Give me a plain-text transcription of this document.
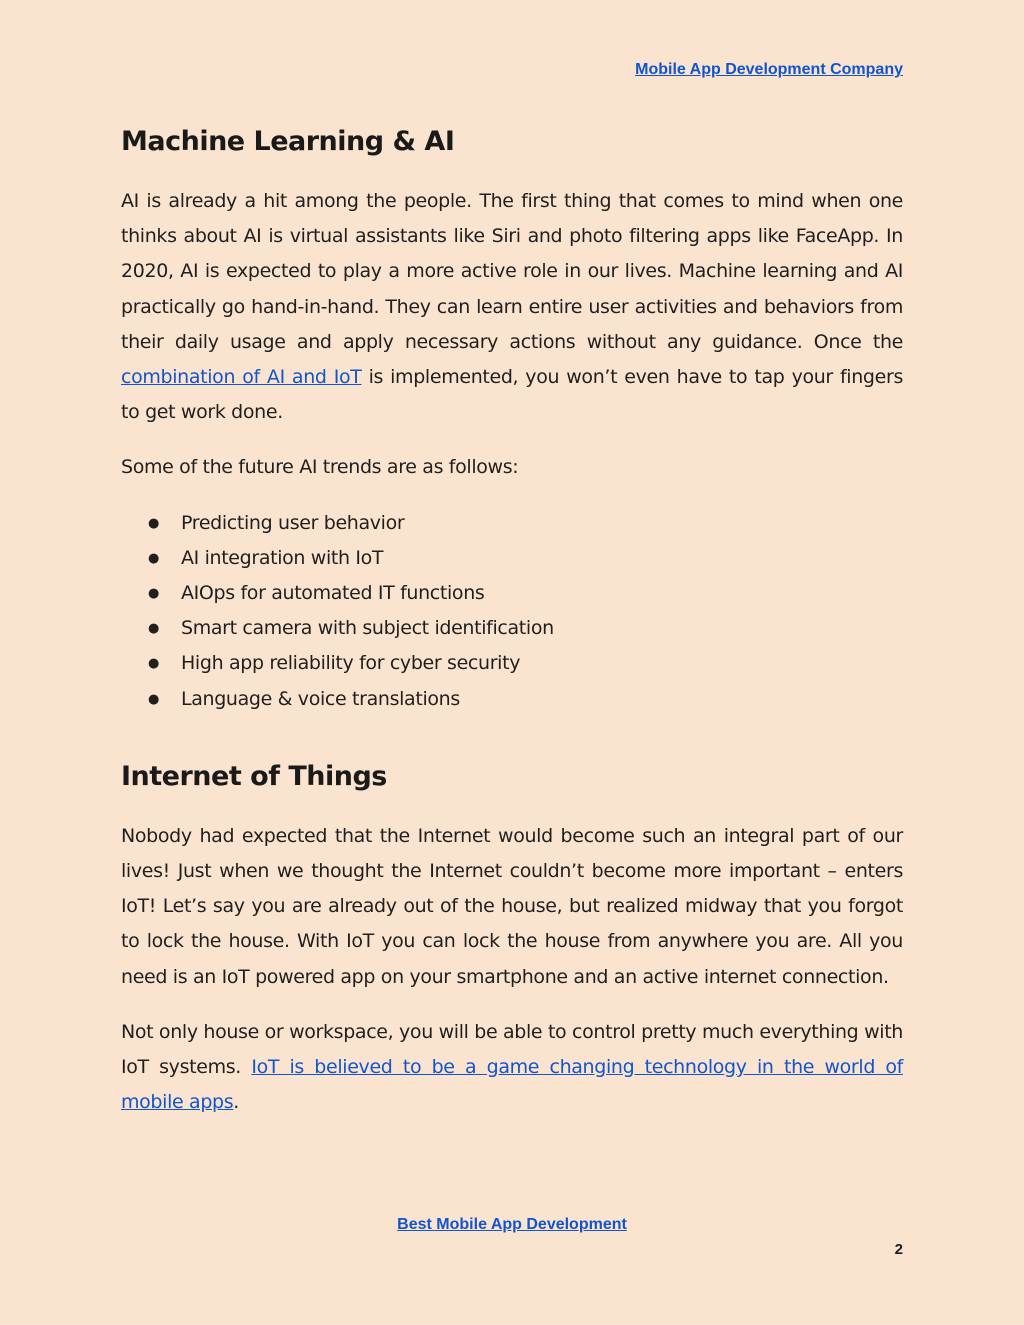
Mobile App Development Company
Machine Learning & AI

AI is already a hit among the people. The first thing that comes to mind when one thinks about AI is virtual assistants like Siri and photo filtering apps like FaceApp. In 2020, AI is expected to play a more active role in our lives. Machine learning and AI practically go hand-in-hand. They can learn entire user activities and behaviors from their daily usage and apply necessary actions without any guidance. Once the combination of AI and IoT is implemented, you won’t even have to tap your fingers to get work done.

Some of the future AI trends are as follows:

● Predicting user behavior
● AI integration with IoT
● AIOps for automated IT functions
● Smart camera with subject identification
● High app reliability for cyber security
● Language & voice translations
Internet of Things

Nobody had expected that the Internet would become such an integral part of our lives! Just when we thought the Internet couldn’t become more important – enters IoT! Let’s say you are already out of the house, but realized midway that you forgot to lock the house. With IoT you can lock the house from anywhere you are. All you need is an IoT powered app on your smartphone and an active internet connection.

Not only house or workspace, you will be able to control pretty much everything with IoT systems. IoT is believed to be a game changing technology in the world of mobile apps.

Best Mobile App Development
2
